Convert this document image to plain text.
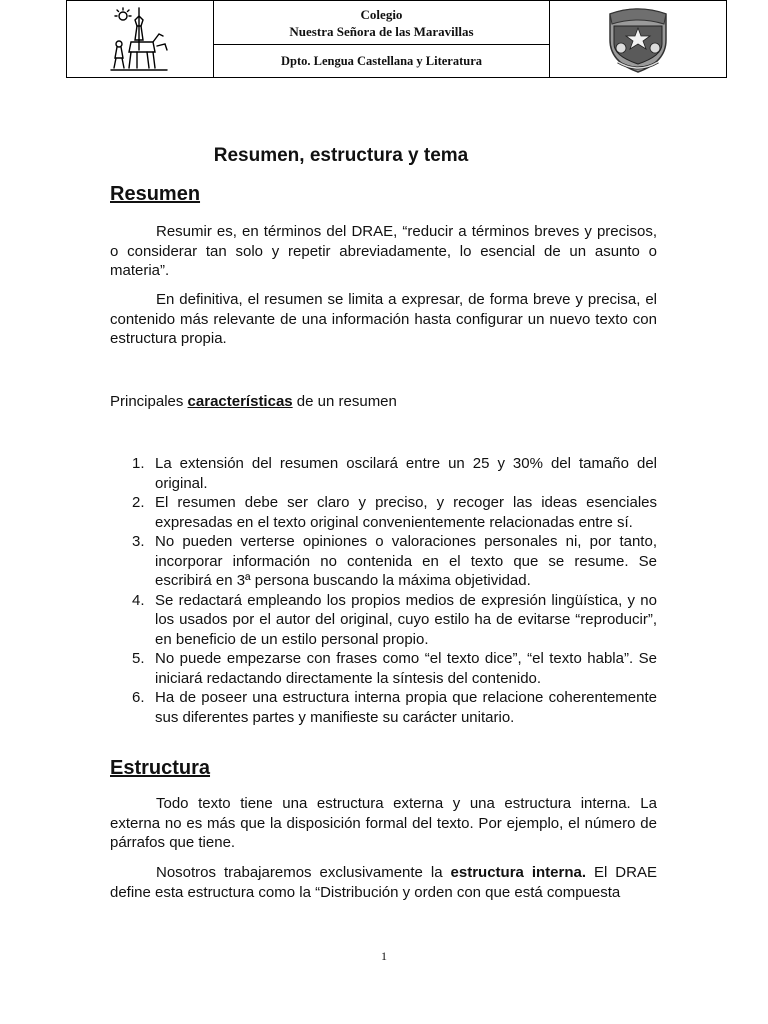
Colegio
Nuestra Señora de las Maravillas
Dpto. Lengua Castellana y Literatura
Resumen, estructura y tema
Resumen

Resumir es, en términos del DRAE, “reducir a términos breves y precisos, o considerar tan solo y repetir abreviadamente, lo esencial de un asunto o materia”.

En definitiva, el resumen se limita a expresar, de forma breve y precisa, el contenido más relevante de una información hasta configurar un nuevo texto con estructura propia.

Principales características de un resumen

1. La extensión del resumen oscilará entre un 25 y 30% del tamaño del original.
2. El resumen debe ser claro y preciso, y recoger las ideas esenciales expresadas en el texto original convenientemente relacionadas entre sí.
3. No pueden verterse opiniones o valoraciones personales ni, por tanto, incorporar información no contenida en el texto que se resume. Se escribirá en 3ª persona buscando la máxima objetividad.
4. Se redactará empleando los propios medios de expresión lingüística, y no los usados por el autor del original, cuyo estilo ha de evitarse “reproducir”, en beneficio de un estilo personal propio.
5. No puede empezarse con frases como “el texto dice”, “el texto habla”. Se iniciará redactando directamente la síntesis del contenido.
6. Ha de poseer una estructura interna propia que relacione coherentemente sus diferentes partes y manifieste su carácter unitario.
Estructura

Todo texto tiene una estructura externa y una estructura interna. La externa no es más que la disposición formal del texto. Por ejemplo, el número de párrafos que tiene.

Nosotros trabajaremos exclusivamente la estructura interna. El DRAE define esta estructura como la “Distribución y orden con que está compuesta

1
